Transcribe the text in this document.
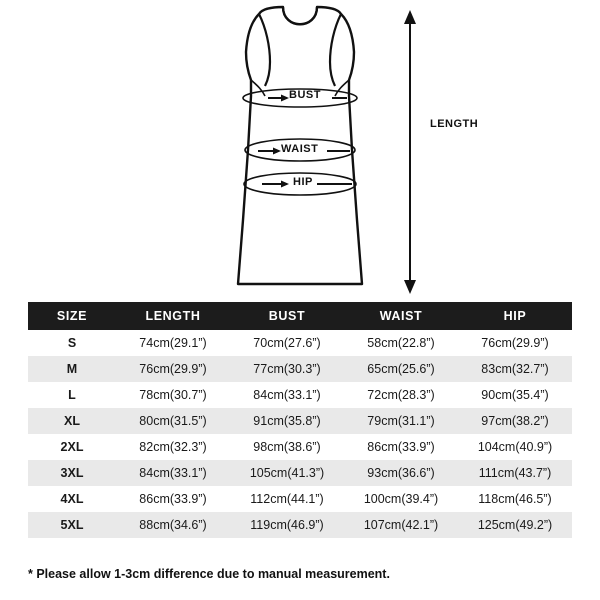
BUST
WAIST
HIP
LENGTH
SIZE	LENGTH	BUST	WAIST	HIP
S	74cm(29.1”)	70cm(27.6”)	58cm(22.8”)	76cm(29.9”)
M	76cm(29.9”)	77cm(30.3”)	65cm(25.6”)	83cm(32.7”)
L	78cm(30.7”)	84cm(33.1”)	72cm(28.3”)	90cm(35.4”)
XL	80cm(31.5”)	91cm(35.8”)	79cm(31.1”)	97cm(38.2”)
2XL	82cm(32.3”)	98cm(38.6”)	86cm(33.9”)	104cm(40.9”)
3XL	84cm(33.1”)	105cm(41.3”)	93cm(36.6”)	111cm(43.7”)
4XL	86cm(33.9”)	112cm(44.1”)	100cm(39.4”)	118cm(46.5”)
5XL	88cm(34.6”)	119cm(46.9”)	107cm(42.1”)	125cm(49.2”)
* Please allow 1-3cm difference due to manual measurement.
